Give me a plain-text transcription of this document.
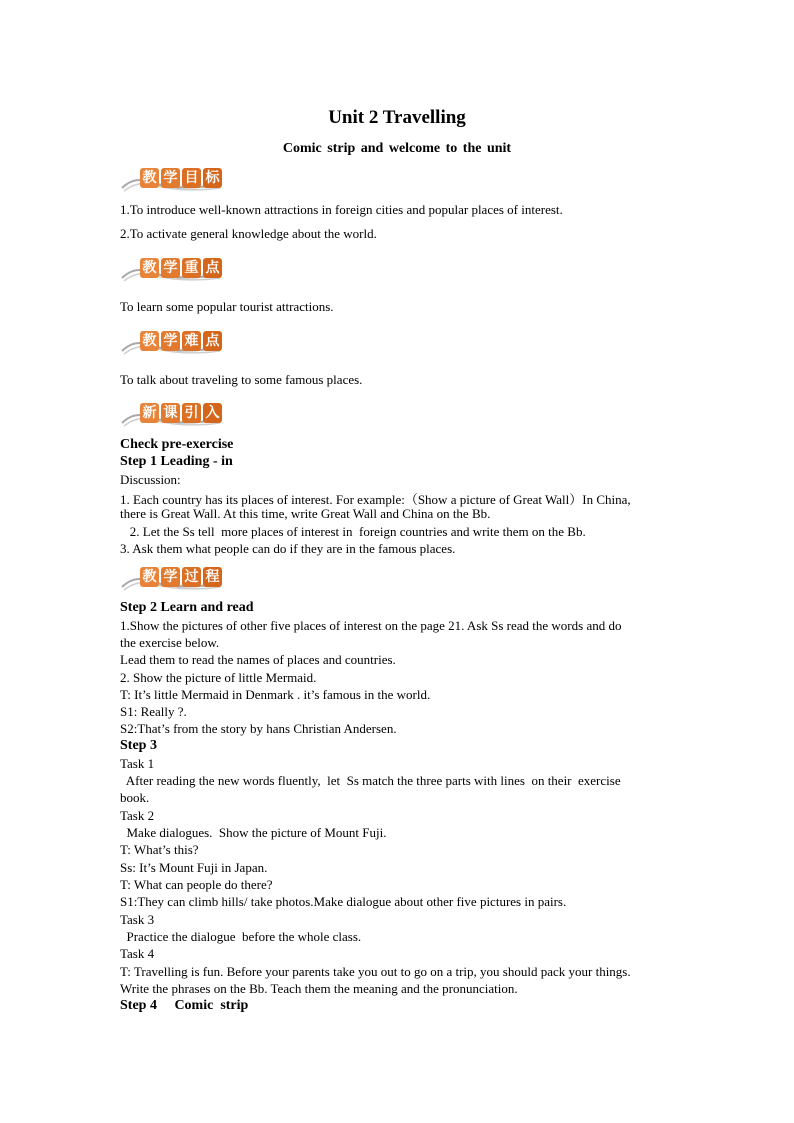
Unit 2 Travelling
Comic strip and welcome to the unit
教 学 目 标
1.To introduce well-known attractions in foreign cities and popular places of interest.
2.To activate general knowledge about the world.
教 学 重 点
To learn some popular tourist attractions.
教 学 难 点
To talk about traveling to some famous places.
新 课 引 入
Check pre-exercise
Step 1 Leading - in
Discussion:
1. Each country has its places of interest. For example:（Show a picture of Great Wall）In China,
there is Great Wall. At this time, write Great Wall and China on the Bb.
2. Let the Ss tell  more places of interest in  foreign countries and write them on the Bb.
3. Ask them what people can do if they are in the famous places.
教 学 过 程
Step 2 Learn and read
1.Show the pictures of other five places of interest on the page 21. Ask Ss read the words and do
the exercise below.
Lead them to read the names of places and countries.
2. Show the picture of little Mermaid.
T: It’s little Mermaid in Denmark . it’s famous in the world.
S1: Really ?.
S2:That’s from the story by hans Christian Andersen.
Step 3
Task 1
After reading the new words fluently,  let  Ss match the three parts with lines  on their  exercise
book.
Task 2
Make dialogues.  Show the picture of Mount Fuji.
T: What’s this?
Ss: It’s Mount Fuji in Japan.
T: What can people do there?
S1:They can climb hills/ take photos.Make dialogue about other five pictures in pairs.
Task 3
Practice the dialogue  before the whole class.
Task 4
T: Travelling is fun. Before your parents take you out to go on a trip, you should pack your things.
Write the phrases on the Bb. Teach them the meaning and the pronunciation.
Step 4     Comic  strip
